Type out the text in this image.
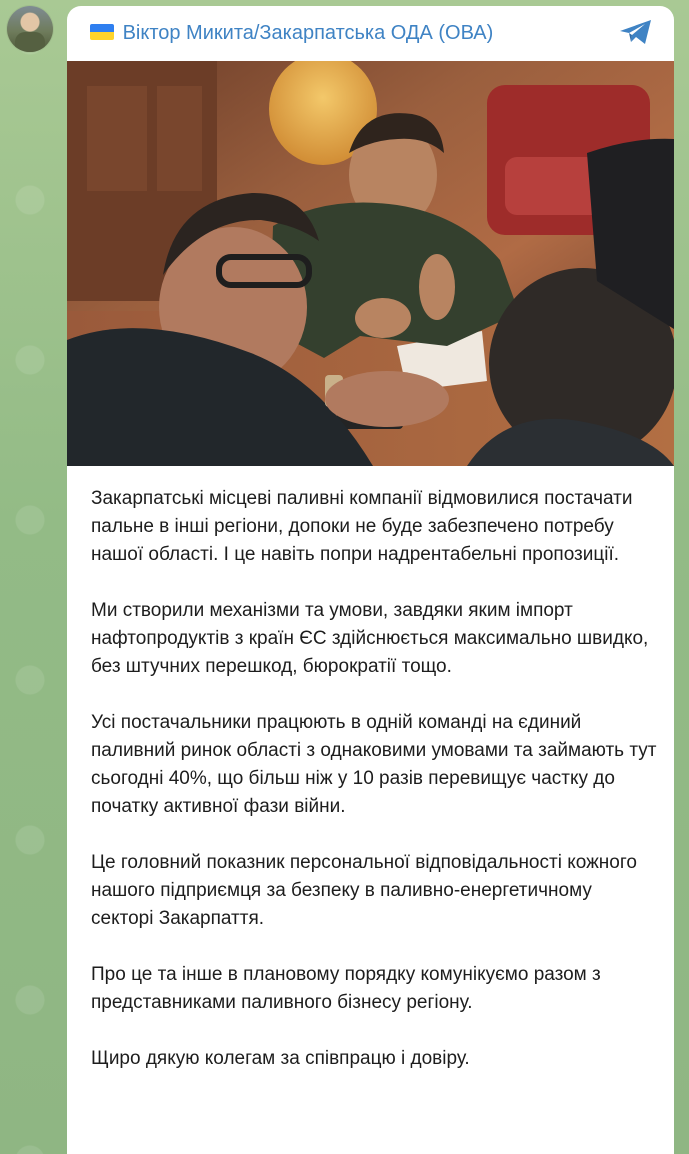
Віктор Микита/Закарпатська ОДА (ОВА)

Закарпатські місцеві паливні компанії відмовилися постачати пальне в інші регіони, допоки не буде забезпечено потребу нашої області. І це навіть попри надрентабельні пропозиції.

Ми створили механізми та умови, завдяки яким імпорт нафтопродуктів з країн ЄС здійснюється максимально швидко, без штучних перешкод, бюрократії тощо.

Усі постачальники працюють в одній команді на єдиний паливний ринок області з однаковими умовами та займають тут сьогодні 40%, що більш ніж у 10 разів перевищує частку до початку активної фази війни.

Це головний показник персональної відповідальності кожного нашого підприємця за безпеку в паливно-енергетичному секторі Закарпаття.

Про це та інше в плановому порядку комунікуємо разом з представниками паливного бізнесу регіону.

Щиро дякую колегам за співпрацю і довіру.
